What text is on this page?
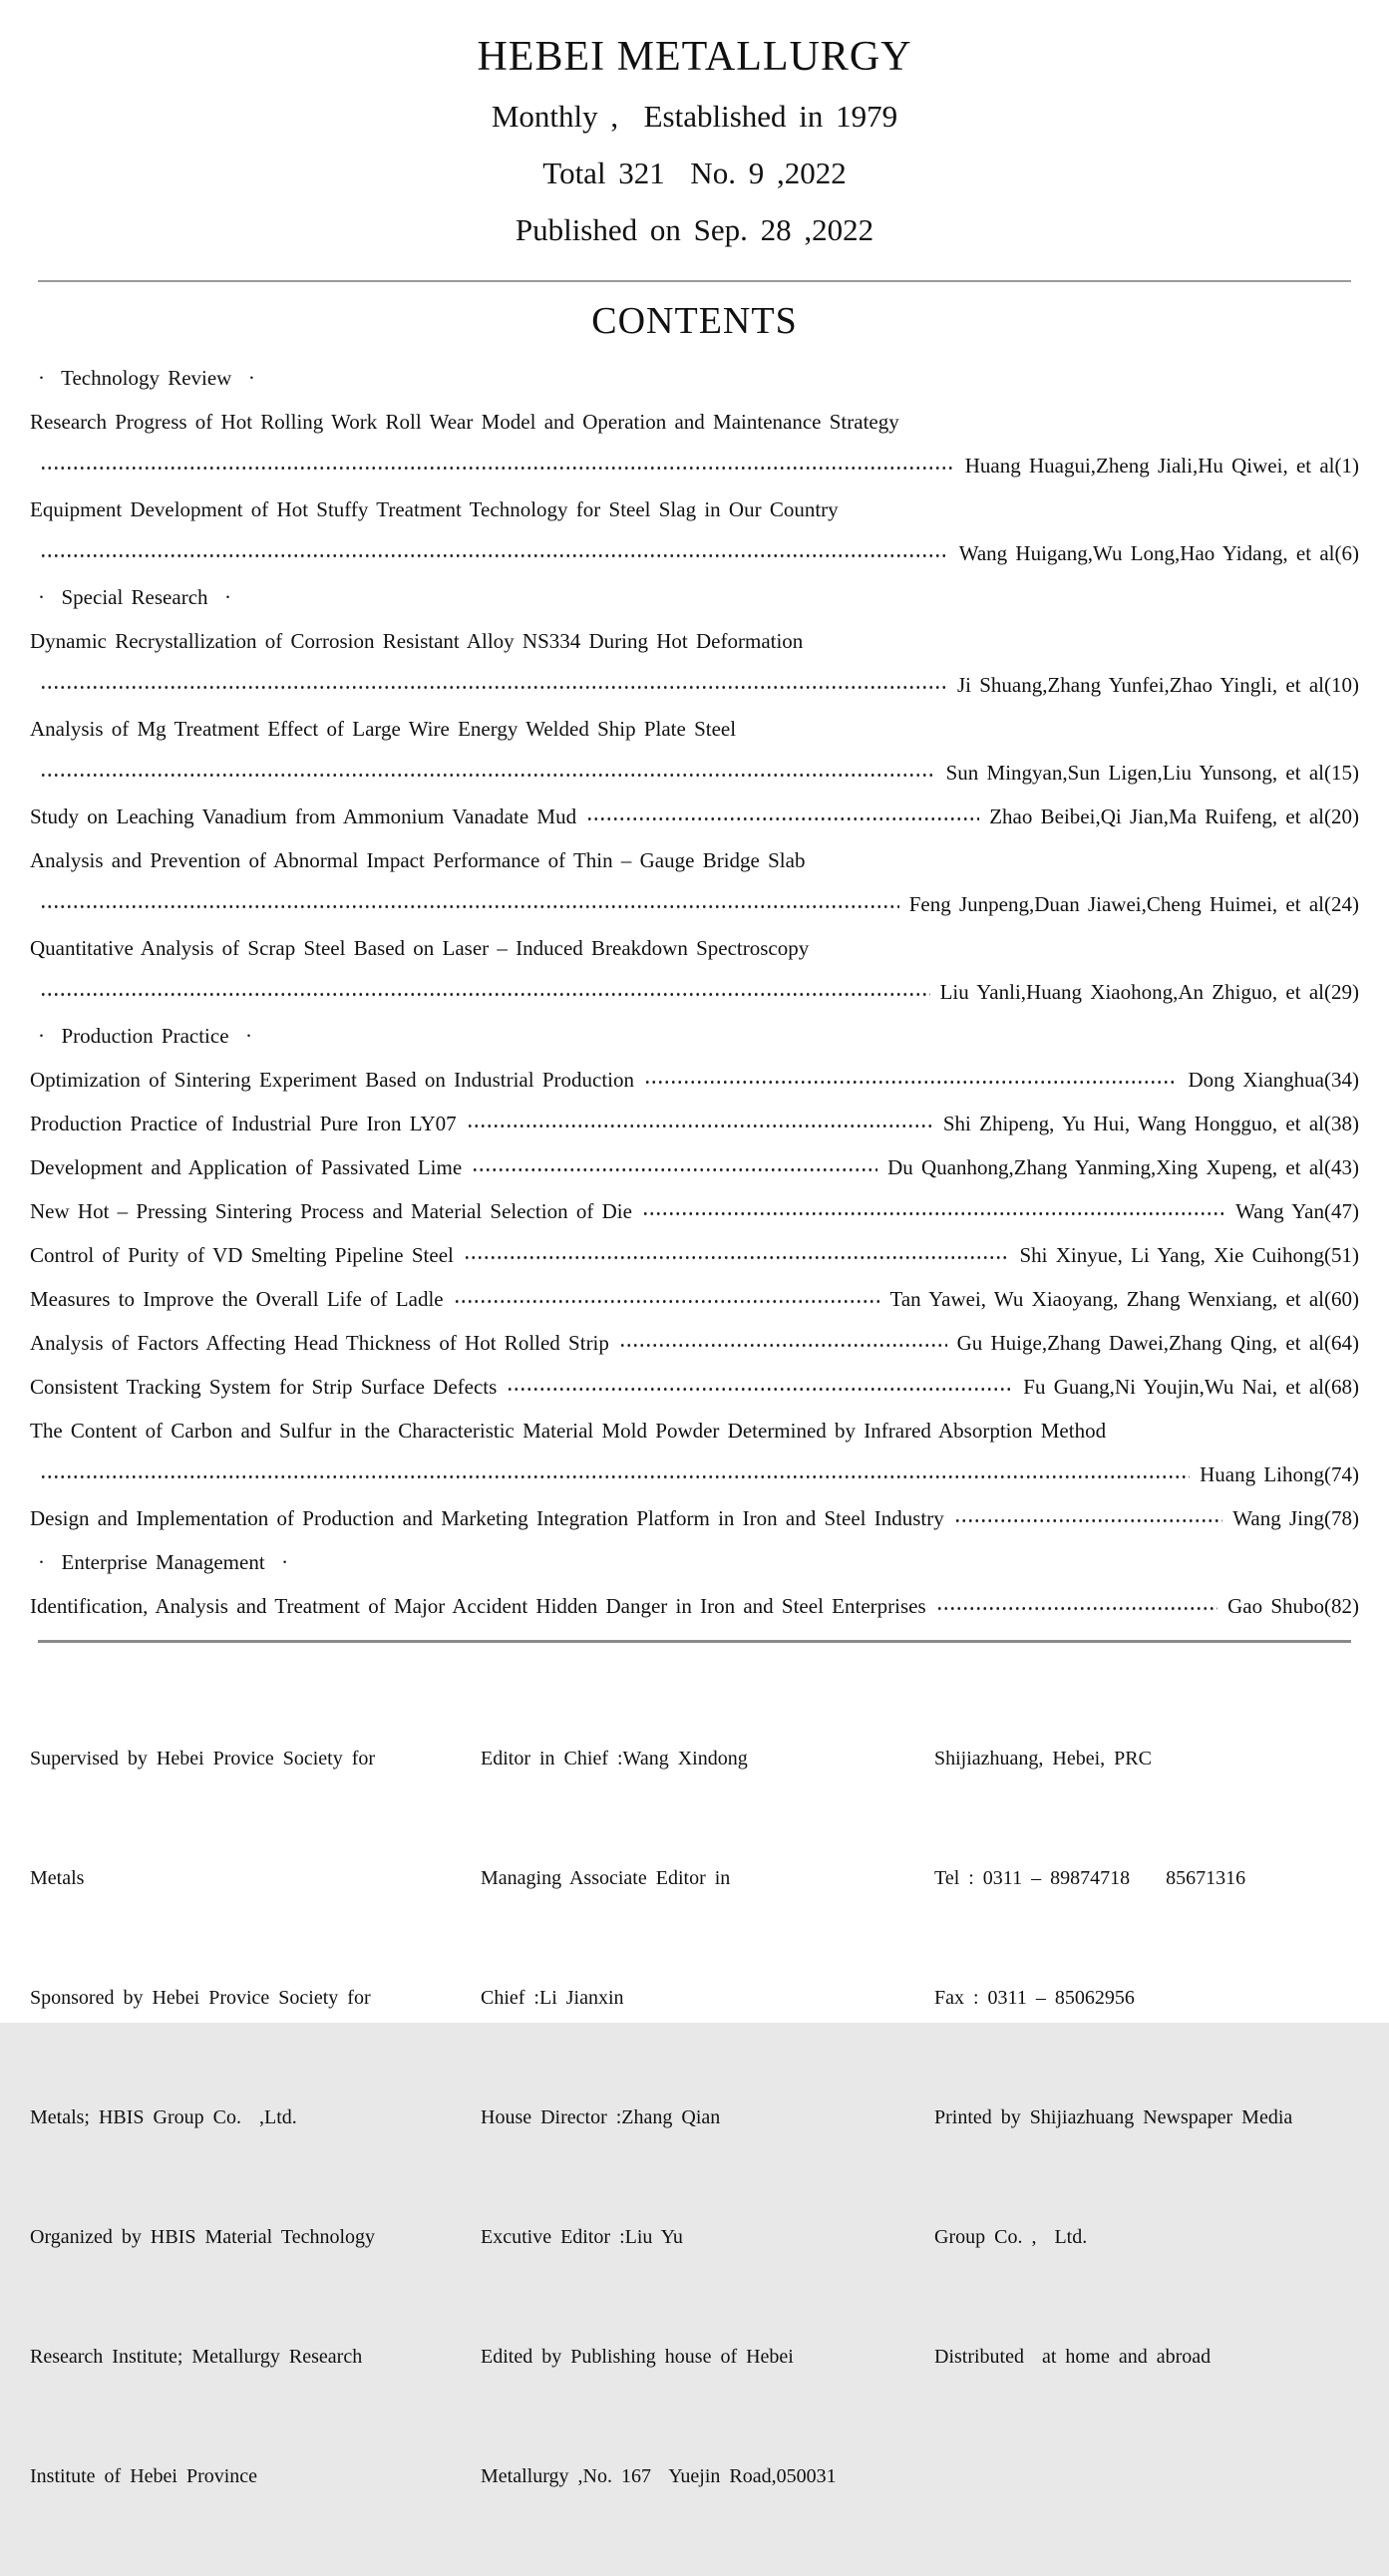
HEBEI METALLURGY
Monthly ,  Established in 1979
Total 321  No. 9 ,2022
Published on Sep. 28 ,2022
CONTENTS
·  Technology Review  ·
Research Progress of Hot Rolling Work Roll Wear Model and Operation and Maintenance Strategy
Huang Huagui,Zheng Jiali,Hu Qiwei, et al(1)
Equipment Development of Hot Stuffy Treatment Technology for Steel Slag in Our Country
Wang Huigang,Wu Long,Hao Yidang, et al(6)
·  Special Research  ·
Dynamic Recrystallization of Corrosion Resistant Alloy NS334 During Hot Deformation
Ji Shuang,Zhang Yunfei,Zhao Yingli, et al(10)
Analysis of Mg Treatment Effect of Large Wire Energy Welded Ship Plate Steel
Sun Mingyan,Sun Ligen,Liu Yunsong, et al(15)
Study on Leaching Vanadium from Ammonium Vanadate Mud	Zhao Beibei,Qi Jian,Ma Ruifeng, et al(20)
Analysis and Prevention of Abnormal Impact Performance of Thin – Gauge Bridge Slab
Feng Junpeng,Duan Jiawei,Cheng Huimei, et al(24)
Quantitative Analysis of Scrap Steel Based on Laser – Induced Breakdown Spectroscopy
Liu Yanli,Huang Xiaohong,An Zhiguo, et al(29)
·  Production Practice  ·
Optimization of Sintering Experiment Based on Industrial Production	Dong Xianghua(34)
Production Practice of Industrial Pure Iron LY07	Shi Zhipeng, Yu Hui, Wang Hongguo, et al(38)
Development and Application of Passivated Lime	Du Quanhong,Zhang Yanming,Xing Xupeng, et al(43)
New Hot – Pressing Sintering Process and Material Selection of Die	Wang Yan(47)
Control of Purity of VD Smelting Pipeline Steel	Shi Xinyue, Li Yang, Xie Cuihong(51)
Measures to Improve the Overall Life of Ladle	Tan Yawei, Wu Xiaoyang, Zhang Wenxiang, et al(60)
Analysis of Factors Affecting Head Thickness of Hot Rolled Strip	Gu Huige,Zhang Dawei,Zhang Qing, et al(64)
Consistent Tracking System for Strip Surface Defects	Fu Guang,Ni Youjin,Wu Nai, et al(68)
The Content of Carbon and Sulfur in the Characteristic Material Mold Powder Determined by Infrared Absorption Method
Huang Lihong(74)
Design and Implementation of Production and Marketing Integration Platform in Iron and Steel Industry	Wang Jing(78)
·  Enterprise Management  ·
Identification, Analysis and Treatment of Major Accident Hidden Danger in Iron and Steel Enterprises	Gao Shubo(82)

Supervised by Hebei Provice Society for

Metals

Sponsored by Hebei Provice Society for

Metals; HBIS Group Co.  ,Ltd.

Organized by HBIS Material Technology

Research Institute; Metallurgy Research

Institute of Hebei Province

Editor in Chief :Wang Xindong

Managing Associate Editor in

Chief :Li Jianxin

House Director :Zhang Qian

Excutive Editor :Liu Yu

Edited by Publishing house of Hebei

Metallurgy ,No. 167  Yuejin Road,050031

Shijiazhuang, Hebei, PRC

Tel : 0311 – 89874718    85671316

Fax : 0311 – 85062956

Printed by Shijiazhuang Newspaper Media

Group Co. ,  Ltd.

Distributed  at home and abroad
